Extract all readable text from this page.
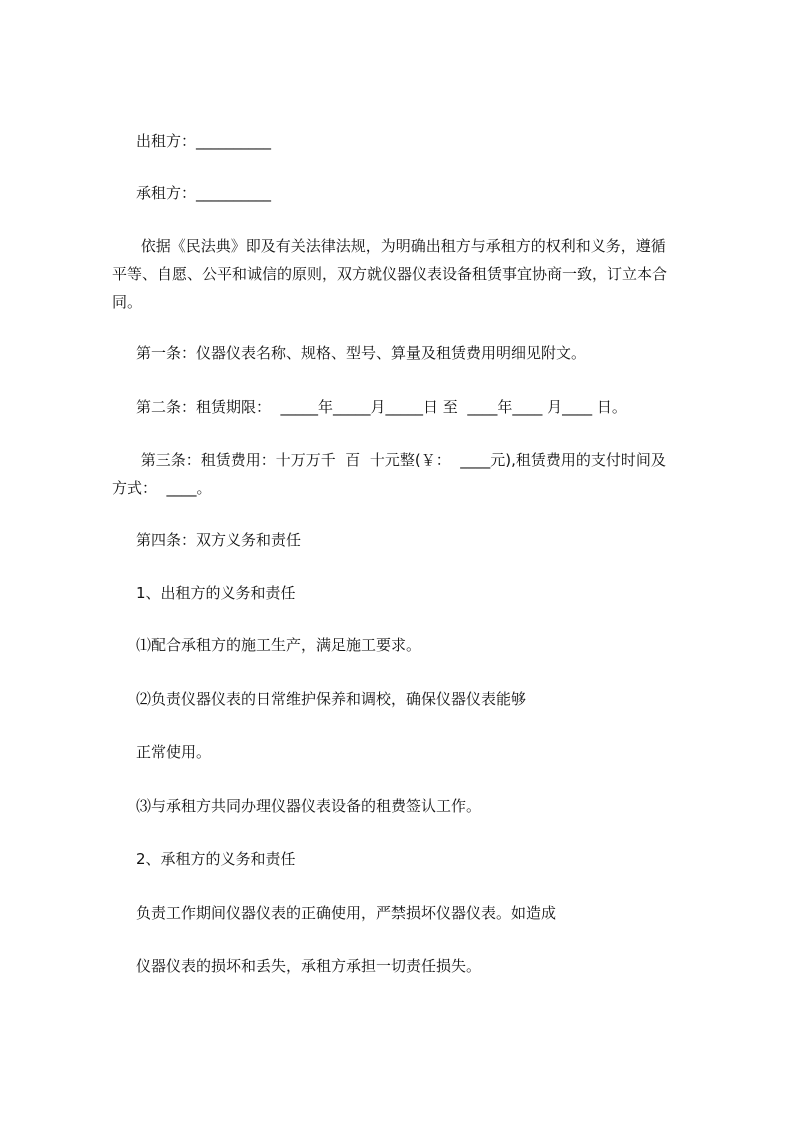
出租方：__________

承租方：__________

依据《民法典》即及有关法律法规，为明确出租方与承租方的权利和义务，遵循
平等、自愿、公平和诚信的原则，双方就仪器仪表设备租赁事宜协商一致，订立本合
同。

第一条：仪器仪表名称、规格、型号、算量及租赁费用明细见附文。

第二条：租赁期限：  _____年_____月_____日 至  ____年____ 月____ 日。

第三条：租赁费用：十万万千  百  十元整(￥：  ____元),租赁费用的支付时间及
方式：  ____。

第四条：双方义务和责任

1、出租方的义务和责任

⑴配合承租方的施工生产，满足施工要求。

⑵负责仪器仪表的日常维护保养和调校，确保仪器仪表能够

正常使用。

⑶与承租方共同办理仪器仪表设备的租费签认工作。

2、承租方的义务和责任

负责工作期间仪器仪表的正确使用，严禁损坏仪器仪表。如造成

仪器仪表的损坏和丢失，承租方承担一切责任损失。
